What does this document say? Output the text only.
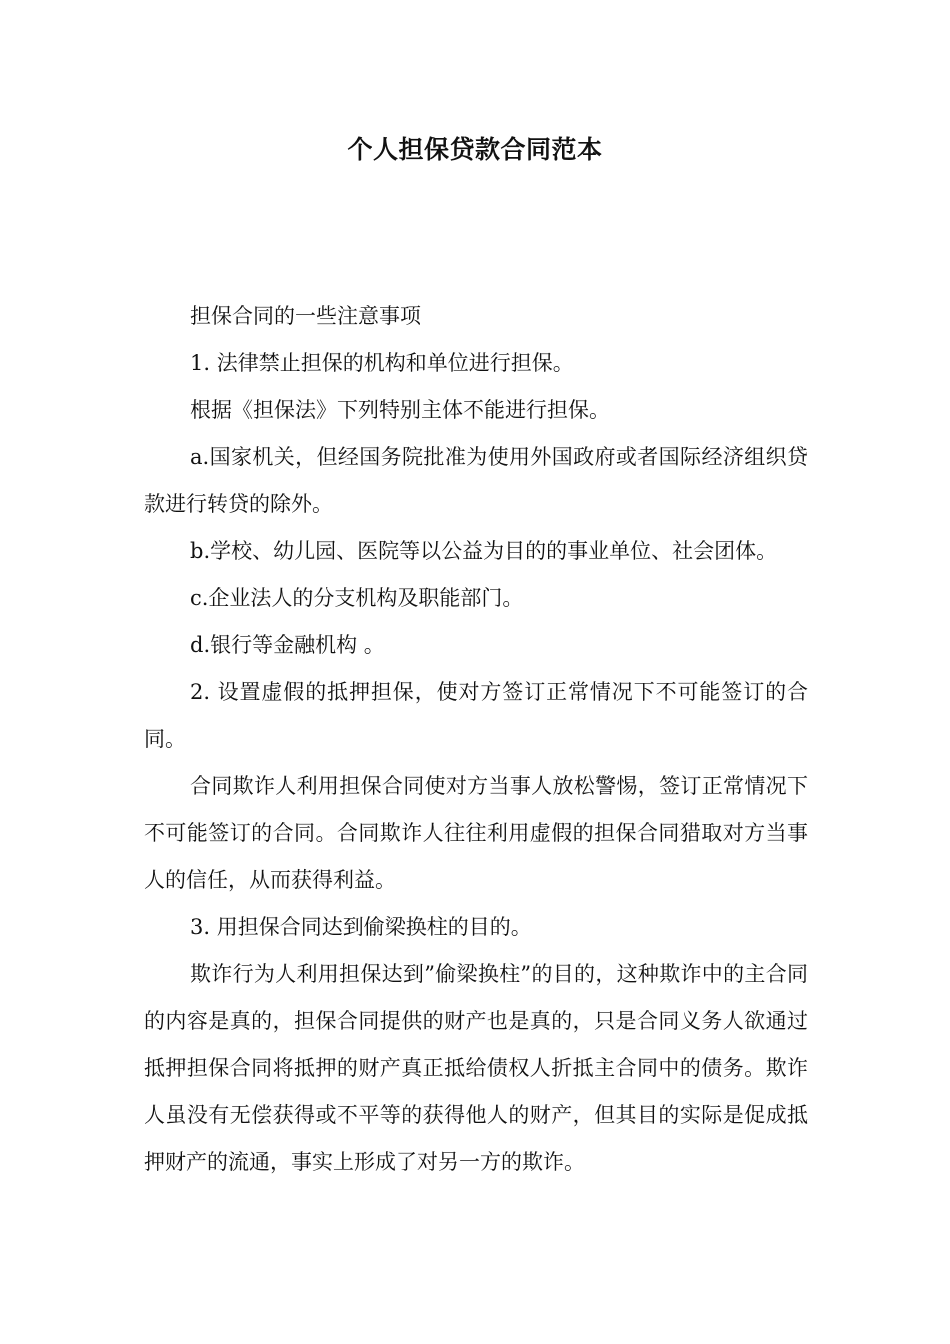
个人担保贷款合同范本

担保合同的一些注意事项

1. 法律禁止担保的机构和单位进行担保。

根据《担保法》下列特别主体不能进行担保。

a.国家机关，但经国务院批准为使用外国政府或者国际经济组织贷款进行转贷的除外。

b.学校、幼儿园、医院等以公益为目的的事业单位、社会团体。

c.企业法人的分支机构及职能部门。

d.银行等金融机构 。

2. 设置虚假的抵押担保，使对方签订正常情况下不可能签订的合同。

合同欺诈人利用担保合同使对方当事人放松警惕，签订正常情况下不可能签订的合同。合同欺诈人往往利用虚假的担保合同猎取对方当事人的信任，从而获得利益。

3. 用担保合同达到偷梁换柱的目的。

欺诈行为人利用担保达到”偷梁换柱”的目的，这种欺诈中的主合同的内容是真的，担保合同提供的财产也是真的，只是合同义务人欲通过抵押担保合同将抵押的财产真正抵给债权人折抵主合同中的债务。欺诈人虽没有无偿获得或不平等的获得他人的财产，但其目的实际是促成抵押财产的流通，事实上形成了对另一方的欺诈。
